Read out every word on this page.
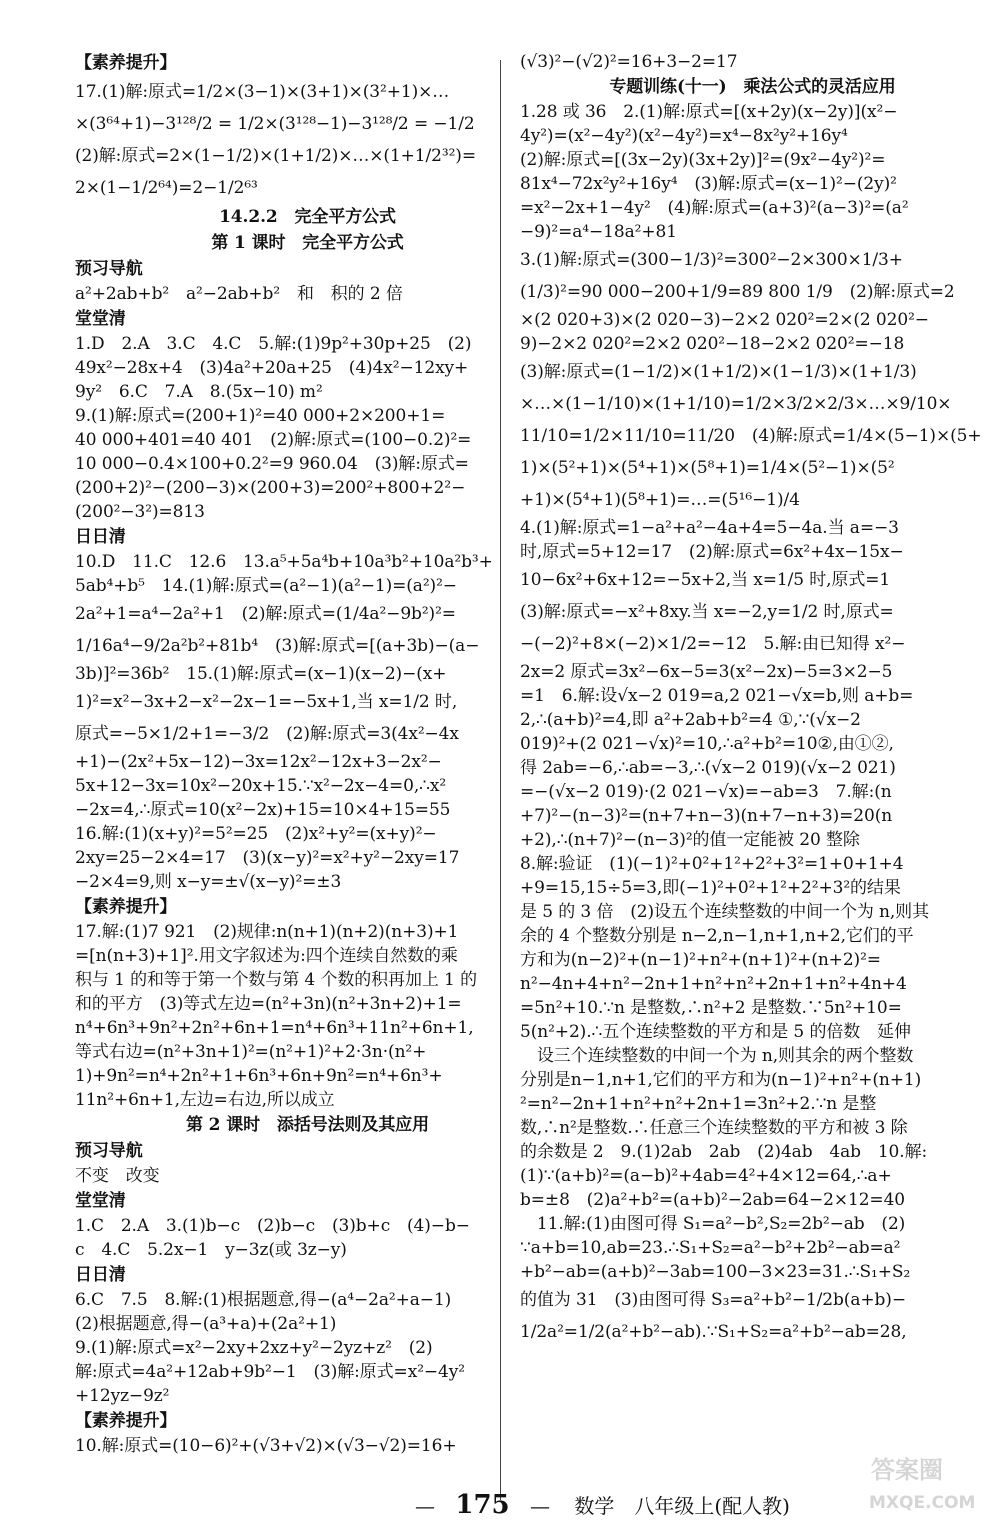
【素养提升】
17.(1)解:原式=1/2×(3−1)×(3+1)×(3²+1)×…
×(3⁶⁴+1)−3¹²⁸/2 = 1/2×(3¹²⁸−1)−3¹²⁸/2 = −1/2
(2)解:原式=2×(1−1/2)×(1+1/2)×…×(1+1/2³²)=
2×(1−1/2⁶⁴)=2−1/2⁶³
14.2.2　完全平方公式
第 1 课时　完全平方公式
预习导航
a²+2ab+b²　a²−2ab+b²　和　积的 2 倍
堂堂清
1.D　2.A　3.C　4.C　5.解:(1)9p²+30p+25　(2)
49x²−28x+4　(3)4a²+20a+25　(4)4x²−12xy+
9y²　6.C　7.A　8.(5x−10) m²
9.(1)解:原式=(200+1)²=40 000+2×200+1=
40 000+401=40 401　(2)解:原式=(100−0.2)²=
10 000−0.4×100+0.2²=9 960.04　(3)解:原式=
(200+2)²−(200−3)×(200+3)=200²+800+2²−
(200²−3²)=813
日日清
10.D　11.C　12.6　13.a⁵+5a⁴b+10a³b²+10a²b³+
5ab⁴+b⁵　14.(1)解:原式=(a²−1)(a²−1)=(a²)²−
2a²+1=a⁴−2a²+1　(2)解:原式=(1/4a²−9b²)²=
1/16a⁴−9/2a²b²+81b⁴　(3)解:原式=[(a+3b)−(a−
3b)]²=36b²　15.(1)解:原式=(x−1)(x−2)−(x+
1)²=x²−3x+2−x²−2x−1=−5x+1,当 x=1/2 时,
原式=−5×1/2+1=−3/2　(2)解:原式=3(4x²−4x
+1)−(2x²+5x−12)−3x=12x²−12x+3−2x²−
5x+12−3x=10x²−20x+15.∵x²−2x−4=0,∴x²
−2x=4,∴原式=10(x²−2x)+15=10×4+15=55
16.解:(1)(x+y)²=5²=25　(2)x²+y²=(x+y)²−
2xy=25−2×4=17　(3)(x−y)²=x²+y²−2xy=17
−2×4=9,则 x−y=±√(x−y)²=±3
【素养提升】
17.解:(1)7 921　(2)规律:n(n+1)(n+2)(n+3)+1
=[n(n+3)+1]².用文字叙述为:四个连续自然数的乘
积与 1 的和等于第一个数与第 4 个数的积再加上 1 的
和的平方　(3)等式左边=(n²+3n)(n²+3n+2)+1=
n⁴+6n³+9n²+2n²+6n+1=n⁴+6n³+11n²+6n+1,
等式右边=(n²+3n+1)²=(n²+1)²+2·3n·(n²+
1)+9n²=n⁴+2n²+1+6n³+6n+9n²=n⁴+6n³+
11n²+6n+1,左边=右边,所以成立
第 2 课时　添括号法则及其应用
预习导航
不变　改变
堂堂清
1.C　2.A　3.(1)b−c　(2)b−c　(3)b+c　(4)−b−
c　4.C　5.2x−1　y−3z(或 3z−y)
日日清
6.C　7.5　8.解:(1)根据题意,得−(a⁴−2a²+a−1)
(2)根据题意,得−(a³+a)+(2a²+1)
9.(1)解:原式=x²−2xy+2xz+y²−2yz+z²　(2)
解:原式=4a²+12ab+9b²−1　(3)解:原式=x²−4y²
+12yz−9z²
【素养提升】
10.解:原式=(10−6)²+(√3+√2)×(√3−√2)=16+
(√3)²−(√2)²=16+3−2=17
专题训练(十一)　乘法公式的灵活应用
1.28 或 36　2.(1)解:原式=[(x+2y)(x−2y)](x²−
4y²)=(x²−4y²)(x²−4y²)=x⁴−8x²y²+16y⁴
(2)解:原式=[(3x−2y)(3x+2y)]²=(9x²−4y²)²=
81x⁴−72x²y²+16y⁴　(3)解:原式=(x−1)²−(2y)²
=x²−2x+1−4y²　(4)解:原式=(a+3)²(a−3)²=(a²
−9)²=a⁴−18a²+81
3.(1)解:原式=(300−1/3)²=300²−2×300×1/3+
(1/3)²=90 000−200+1/9=89 800 1/9　(2)解:原式=2
×(2 020+3)×(2 020−3)−2×2 020²=2×(2 020²−
9)−2×2 020²=2×2 020²−18−2×2 020²=−18
(3)解:原式=(1−1/2)×(1+1/2)×(1−1/3)×(1+1/3)
×…×(1−1/10)×(1+1/10)=1/2×3/2×2/3×…×9/10×
11/10=1/2×11/10=11/20　(4)解:原式=1/4×(5−1)×(5+
1)×(5²+1)×(5⁴+1)×(5⁸+1)=1/4×(5²−1)×(5²
+1)×(5⁴+1)(5⁸+1)=…=(5¹⁶−1)/4
4.(1)解:原式=1−a²+a²−4a+4=5−4a.当 a=−3
时,原式=5+12=17　(2)解:原式=6x²+4x−15x−
10−6x²+6x+12=−5x+2,当 x=1/5 时,原式=1
(3)解:原式=−x²+8xy.当 x=−2,y=1/2 时,原式=
−(−2)²+8×(−2)×1/2=−12　5.解:由已知得 x²−
2x=2 原式=3x²−6x−5=3(x²−2x)−5=3×2−5
=1　6.解:设√x−2 019=a,2 021−√x=b,则 a+b=
2,∴(a+b)²=4,即 a²+2ab+b²=4 ①,∵(√x−2
019)²+(2 021−√x)²=10,∴a²+b²=10②,由①②,
得 2ab=−6,∴ab=−3,∴(√x−2 019)(√x−2 021)
=−(√x−2 019)·(2 021−√x)=−ab=3　7.解:(n
+7)²−(n−3)²=(n+7+n−3)(n+7−n+3)=20(n
+2),∴(n+7)²−(n−3)²的值一定能被 20 整除
8.解:验证　(1)(−1)²+0²+1²+2²+3²=1+0+1+4
+9=15,15÷5=3,即(−1)²+0²+1²+2²+3²的结果
是 5 的 3 倍　(2)设五个连续整数的中间一个为 n,则其
余的 4 个整数分别是 n−2,n−1,n+1,n+2,它们的平
方和为(n−2)²+(n−1)²+n²+(n+1)²+(n+2)²=
n²−4n+4+n²−2n+1+n²+n²+2n+1+n²+4n+4
=5n²+10.∵n 是整数,∴n²+2 是整数.∵5n²+10=
5(n²+2).∴五个连续整数的平方和是 5 的倍数　延伸
　设三个连续整数的中间一个为 n,则其余的两个整数
分别是n−1,n+1,它们的平方和为(n−1)²+n²+(n+1)
²=n²−2n+1+n²+n²+2n+1=3n²+2.∵n 是整
数,∴n²是整数.∴任意三个连续整数的平方和被 3 除
的余数是 2　9.(1)2ab　2ab　(2)4ab　4ab　10.解:
(1)∵(a+b)²=(a−b)²+4ab=4²+4×12=64,∴a+
b=±8　(2)a²+b²=(a+b)²−2ab=64−2×12=40
　11.解:(1)由图可得 S₁=a²−b²,S₂=2b²−ab　(2)
∵a+b=10,ab=23.∴S₁+S₂=a²−b²+2b²−ab=a²
+b²−ab=(a+b)²−3ab=100−3×23=31.∴S₁+S₂
的值为 31　(3)由图可得 S₃=a²+b²−1/2b(a+b)−
1/2a²=1/2(a²+b²−ab).∵S₁+S₂=a²+b²−ab=28,
— 175 — 数学　八年级上(配人教)
答案圈
MXQE.COM
